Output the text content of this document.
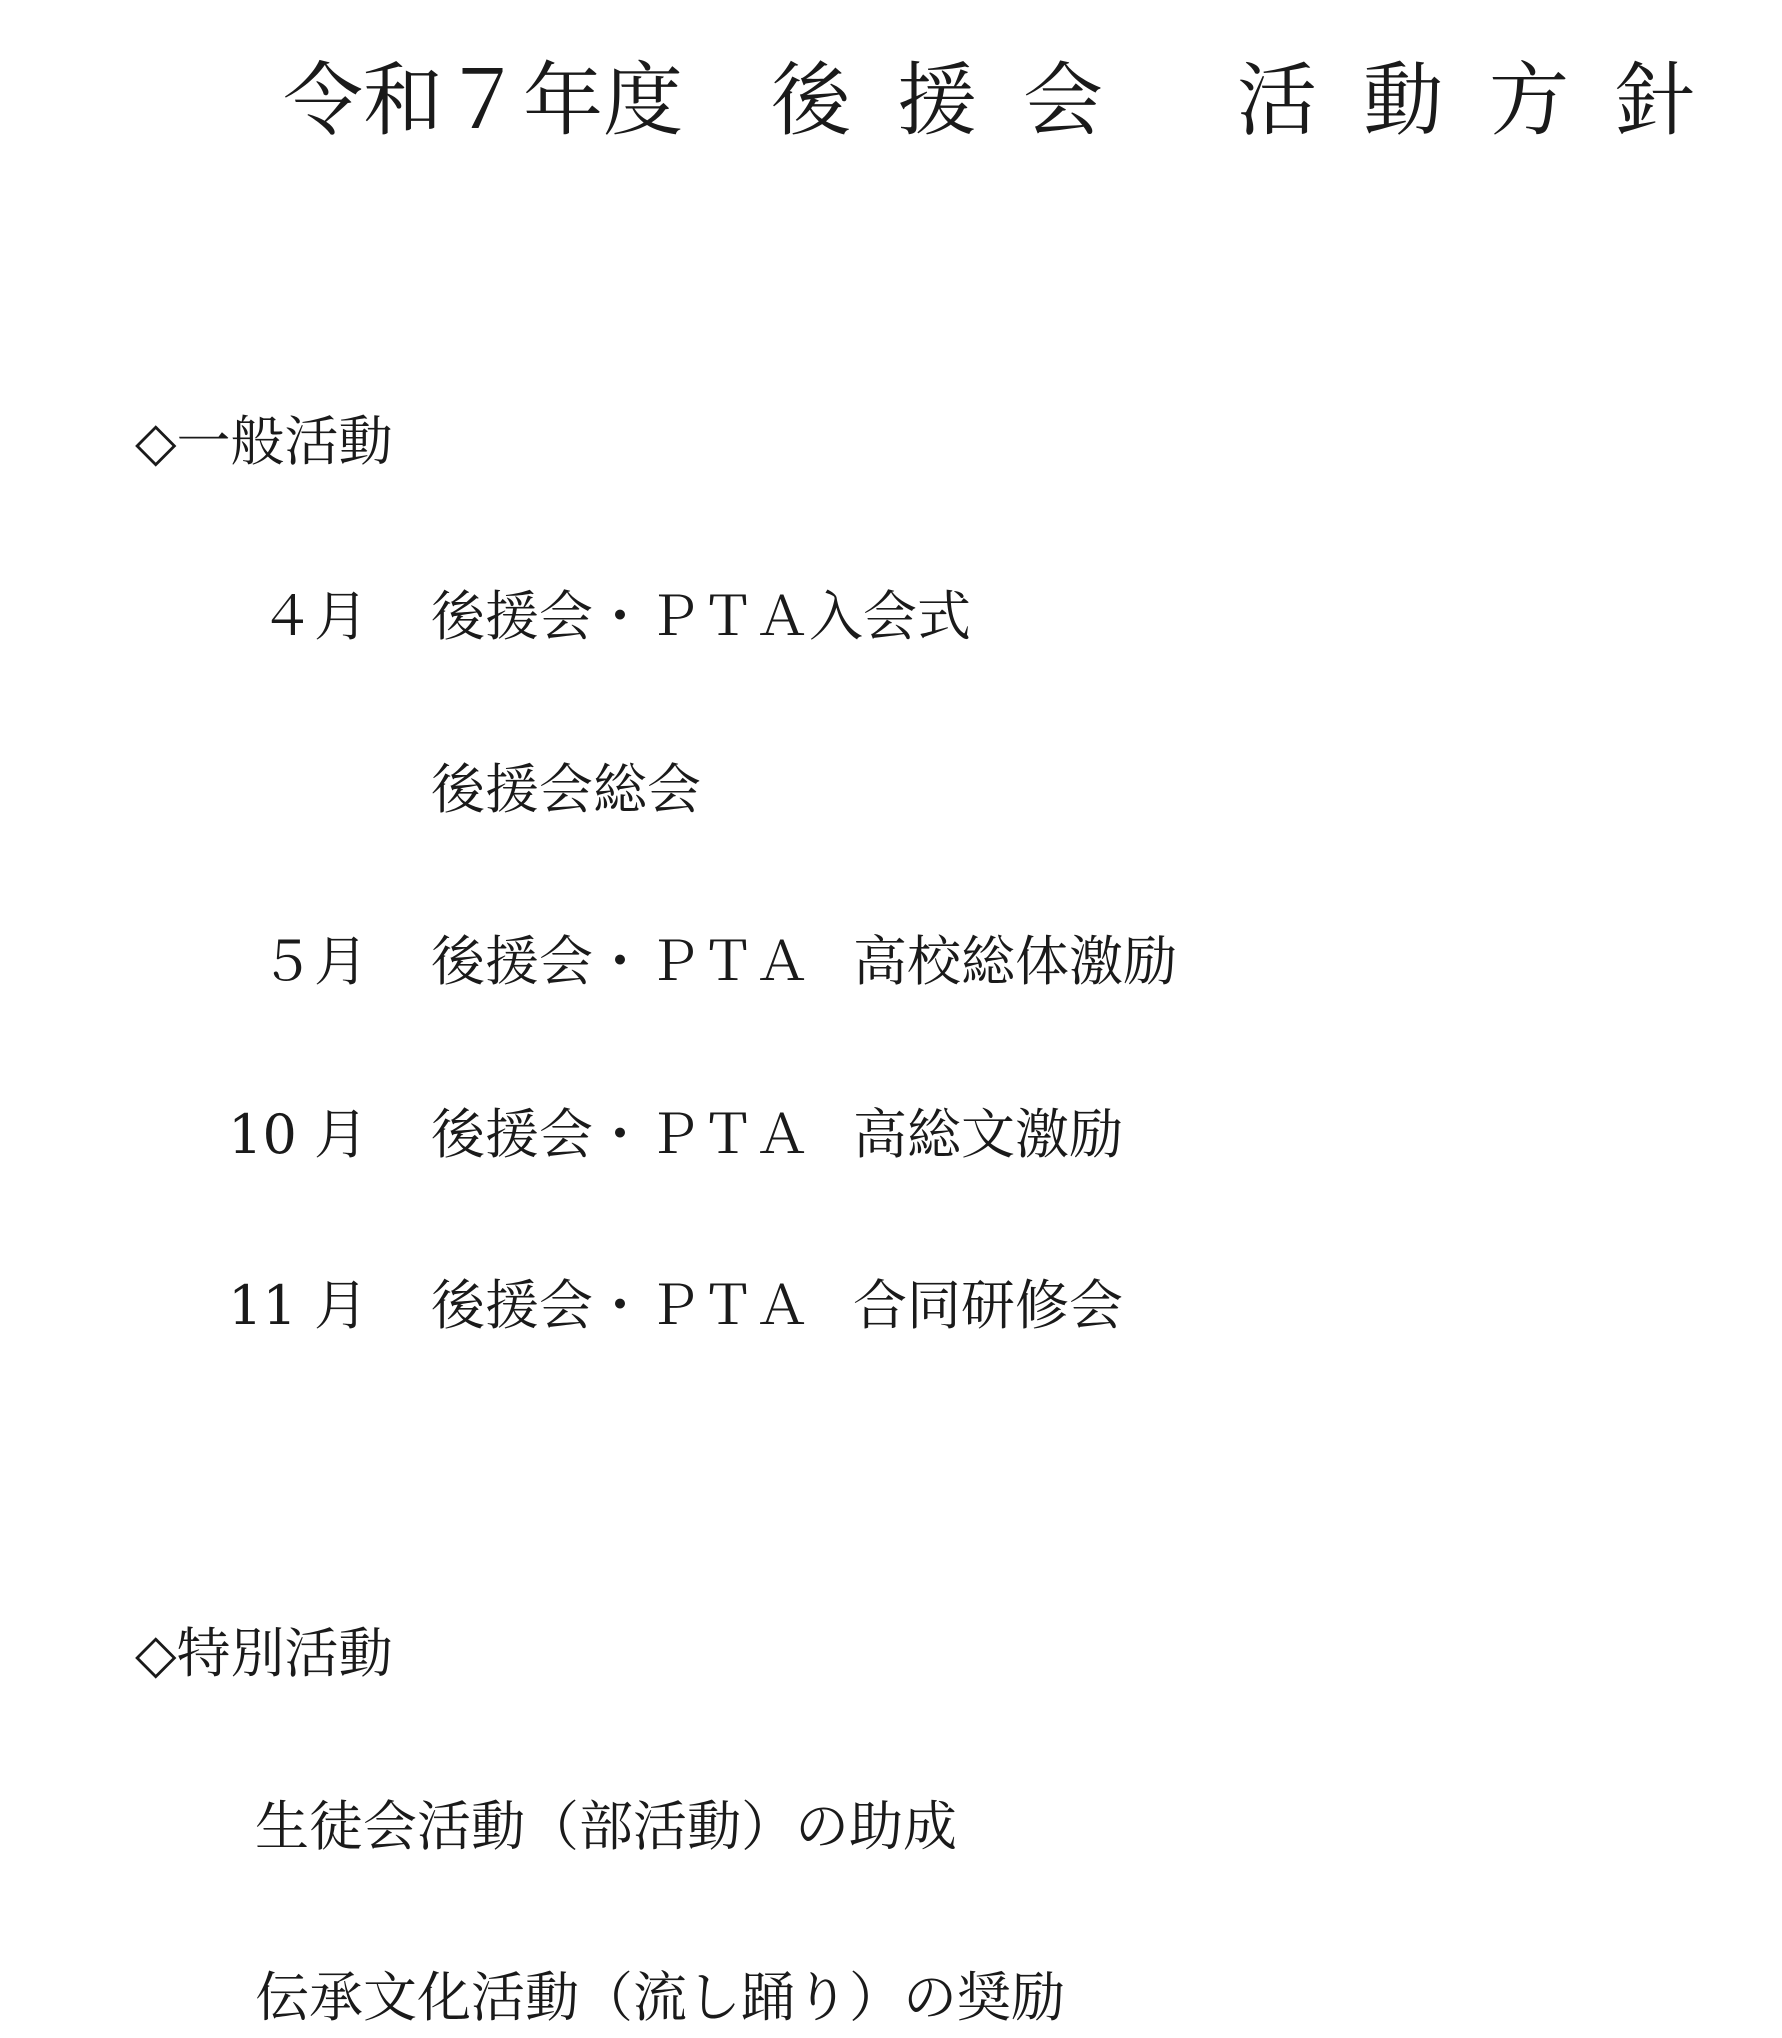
令和７年度 後援会 活動方針
◇一般活動
４月 後援会・ＰＴＡ入会式
後援会総会
５月 後援会・ＰＴＡ 高校総体激励
10 月 後援会・ＰＴＡ 高総文激励
11 月 後援会・ＰＴＡ 合同研修会
◇特別活動
生徒会活動（部活動）の助成
伝承文化活動（流し踊り）の奨励
